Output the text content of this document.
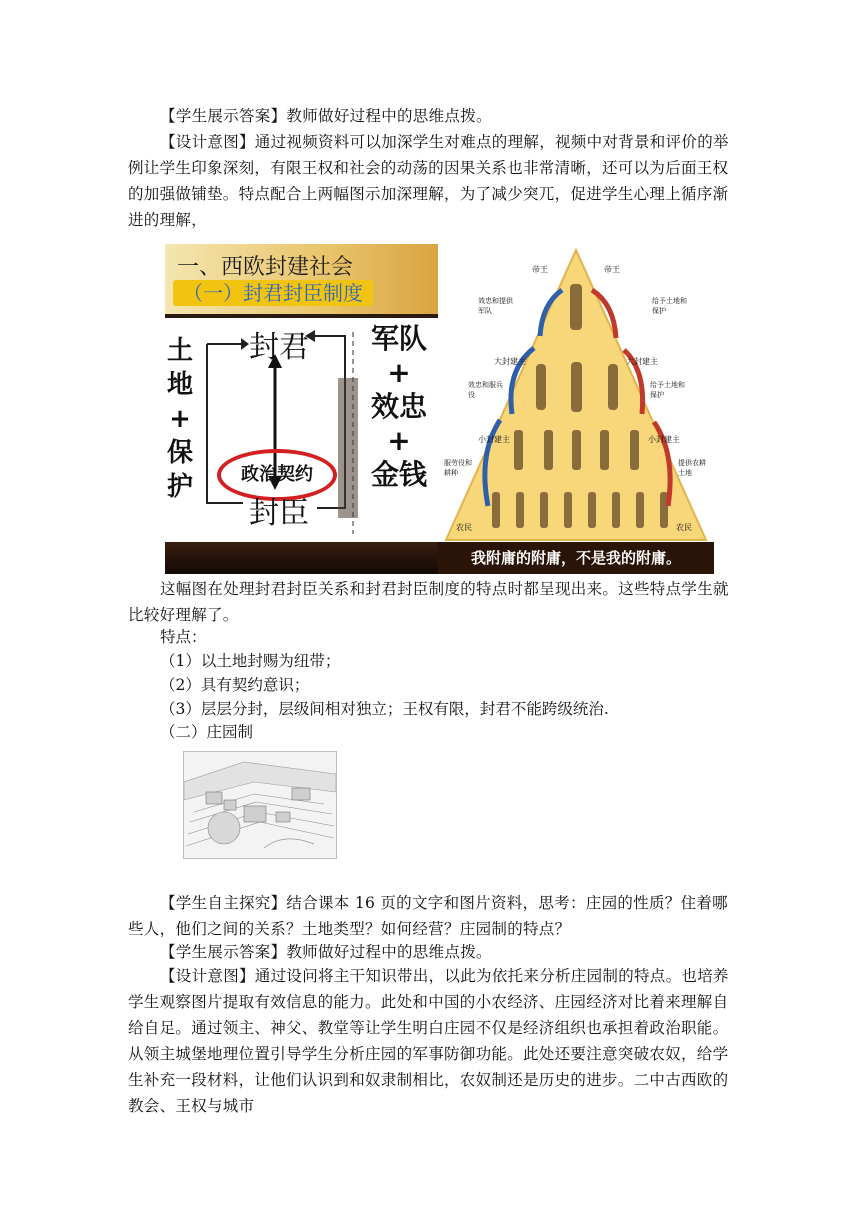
【学生展示答案】教师做好过程中的思维点拨。

【设计意图】通过视频资料可以加深学生对难点的理解，视频中对背景和评价的举例让学生印象深刻，有限王权和社会的动荡的因果关系也非常清晰，还可以为后面王权的加强做铺垫。特点配合上两幅图示加深理解，为了减少突兀，促进学生心理上循序渐进的理解，

一、西欧封建社会
（一）封君封臣制度
土
地
+
保
护
封君
政治契约
封臣
军队
+
效忠
+
金钱
帝王	帝王
效忠和提供军队
给予土地和保护
大封建主	大封建主
效忠和服兵役
给予土地和保护
小封建主	小封建主
服劳役和耕种
提供农耕土地
农民	农民
我附庸的附庸，不是我的附庸。

这幅图在处理封君封臣关系和封君封臣制度的特点时都呈现出来。这些特点学生就比较好理解了。

特点：

（1）以土地封赐为纽带；

（2）具有契约意识；

（3）层层分封，层级间相对独立；王权有限，封君不能跨级统治.

（二）庄园制

【学生自主探究】结合课本 16 页的文字和图片资料，思考：庄园的性质？住着哪些人，他们之间的关系？土地类型？如何经营？庄园制的特点？

【学生展示答案】教师做好过程中的思维点拨。

【设计意图】通过设问将主干知识带出，以此为依托来分析庄园制的特点。也培养学生观察图片提取有效信息的能力。此处和中国的小农经济、庄园经济对比着来理解自给自足。通过领主、神父、教堂等让学生明白庄园不仅是经济组织也承担着政治职能。从领主城堡地理位置引导学生分析庄园的军事防御功能。此处还要注意突破农奴，给学生补充一段材料，让他们认识到和奴隶制相比，农奴制还是历史的进步。二中古西欧的教会、王权与城市
